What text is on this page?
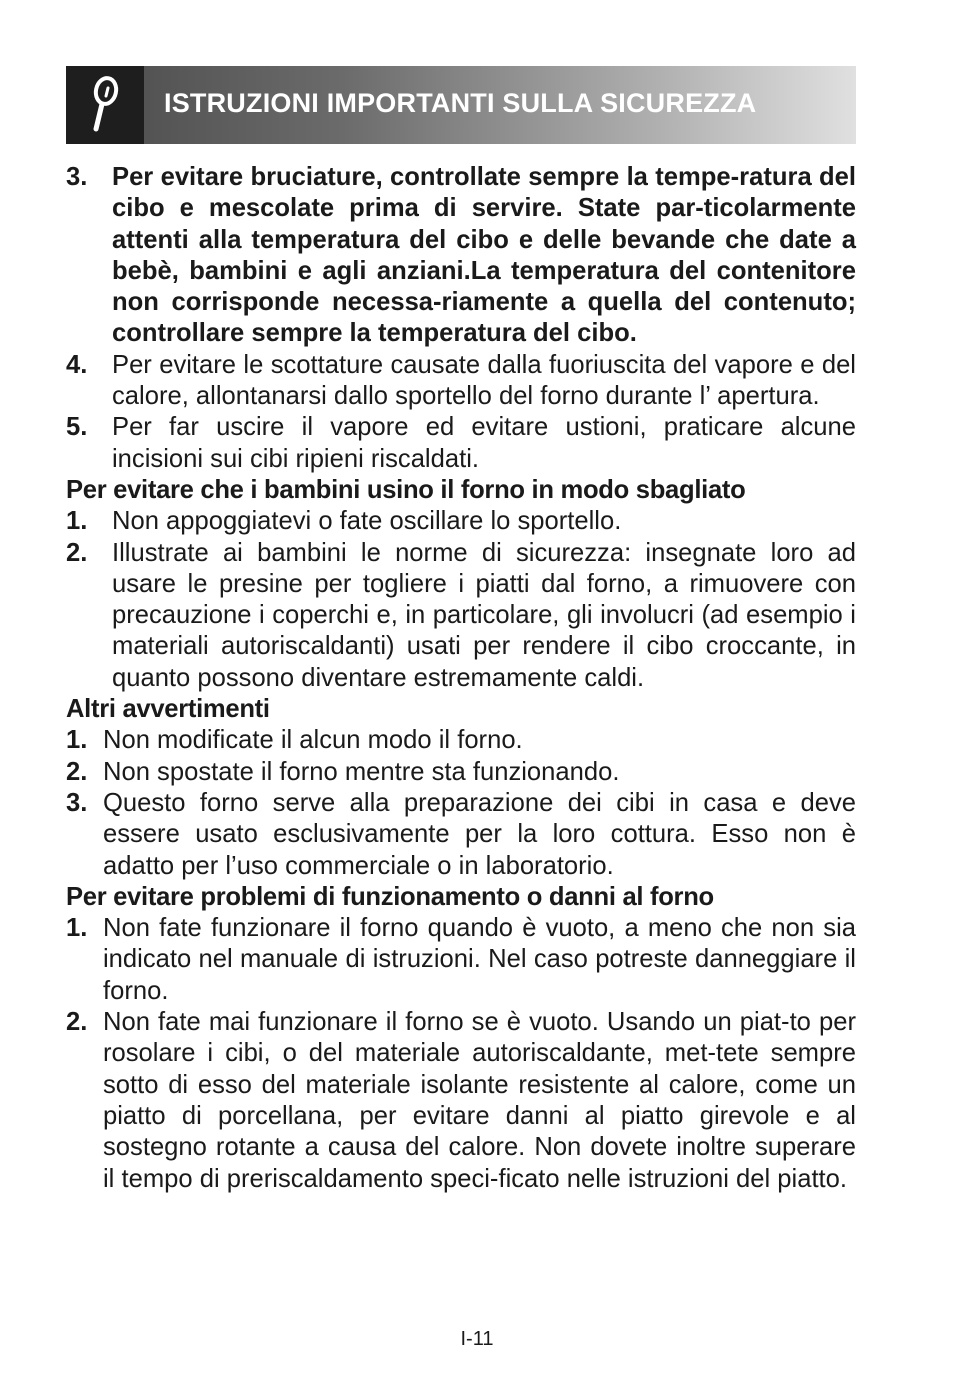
ISTRUZIONI IMPORTANTI SULLA SICUREZZA
3. Per evitare bruciature, controllate sempre la tempe-ratura del cibo e mescolate prima di servire. State par-ticolarmente attenti alla temperatura del cibo e delle bevande che date a bebè, bambini e agli anziani.La temperatura del contenitore non corrisponde necessa-riamente a quella del contenuto; controllare sempre la temperatura del cibo.
4. Per evitare le scottature causate dalla fuoriuscita del vapore e del calore, allontanarsi dallo sportello del forno durante l’ apertura.
5. Per far uscire il vapore ed evitare ustioni, praticare alcune incisioni sui cibi ripieni riscaldati.
Per evitare che i bambini usino il forno in modo sbagliato
1. Non appoggiatevi o fate oscillare lo sportello.
2. Illustrate ai bambini le norme di sicurezza: insegnate loro ad usare le presine per togliere i piatti dal forno, a rimuovere con precauzione i coperchi e, in particolare, gli involucri (ad esempio i materiali autoriscaldanti) usati per rendere il cibo croccante, in quanto possono diventare estremamente caldi.
Altri avvertimenti
1. Non modificate il alcun modo il forno.
2. Non spostate il forno mentre sta funzionando.
3. Questo forno serve alla preparazione dei cibi in casa e deve essere usato esclusivamente per la loro cottura. Esso non è adatto per l’uso commerciale o in laboratorio.
Per evitare problemi di funzionamento o danni al forno
1. Non fate funzionare il forno quando è vuoto, a meno che non sia indicato nel manuale di istruzioni. Nel caso potreste danneggiare il forno.
2. Non fate mai funzionare il forno se è vuoto. Usando un piat-to per rosolare i cibi, o del materiale autoriscaldante, met-tete sempre sotto di esso del materiale isolante resistente al calore, come un piatto di porcellana, per evitare danni al piatto girevole e al sostegno rotante a causa del calore. Non dovete inoltre superare il tempo di preriscaldamento speci-ficato nelle istruzioni del piatto.
I-11
